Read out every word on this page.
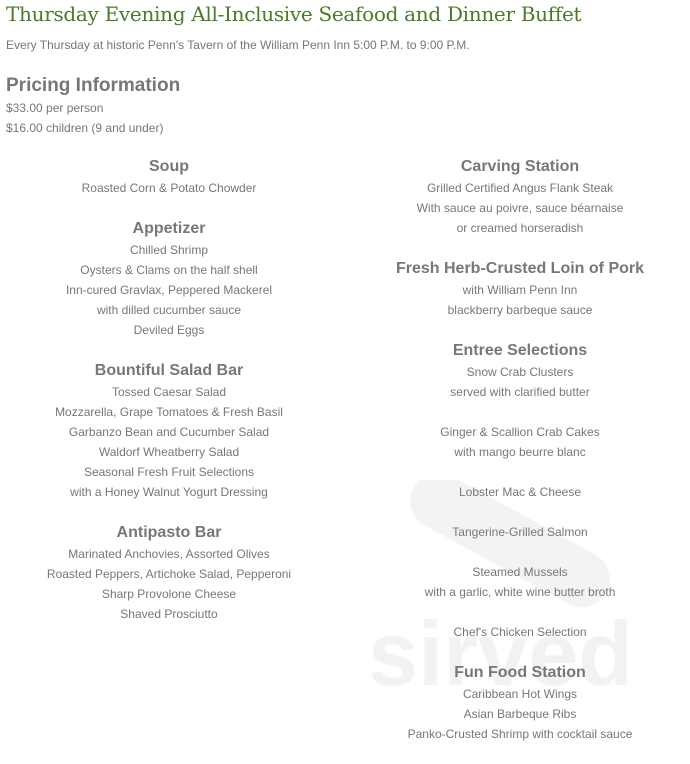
Thursday Evening All-Inclusive Seafood and Dinner Buffet
Every Thursday at historic Penn's Tavern of the William Penn Inn 5:00 P.M. to 9:00 P.M.
Pricing Information
$33.00 per person
$16.00 children (9 and under)
Soup
Roasted Corn & Potato Chowder
Appetizer
Chilled Shrimp
Oysters & Clams on the half shell
Inn-cured Gravlax, Peppered Mackerel
with dilled cucumber sauce
Deviled Eggs
Bountiful Salad Bar
Tossed Caesar Salad
Mozzarella, Grape Tomatoes & Fresh Basil
Garbanzo Bean and Cucumber Salad
Waldorf Wheatberry Salad
Seasonal Fresh Fruit Selections
with a Honey Walnut Yogurt Dressing
Antipasto Bar
Marinated Anchovies, Assorted Olives
Roasted Peppers, Artichoke Salad, Pepperoni
Sharp Provolone Cheese
Shaved Prosciutto
Carving Station
Grilled Certified Angus Flank Steak
With sauce au poivre, sauce béarnaise
or creamed horseradish
Fresh Herb-Crusted Loin of Pork
with William Penn Inn
blackberry barbeque sauce
Entree Selections
Snow Crab Clusters
served with clarified butter
Ginger & Scallion Crab Cakes
with mango beurre blanc
Lobster Mac & Cheese
Tangerine-Grilled Salmon
Steamed Mussels
with a garlic, white wine butter broth
Chef's Chicken Selection
Fun Food Station
Caribbean Hot Wings
Asian Barbeque Ribs
Panko-Crusted Shrimp with cocktail sauce
